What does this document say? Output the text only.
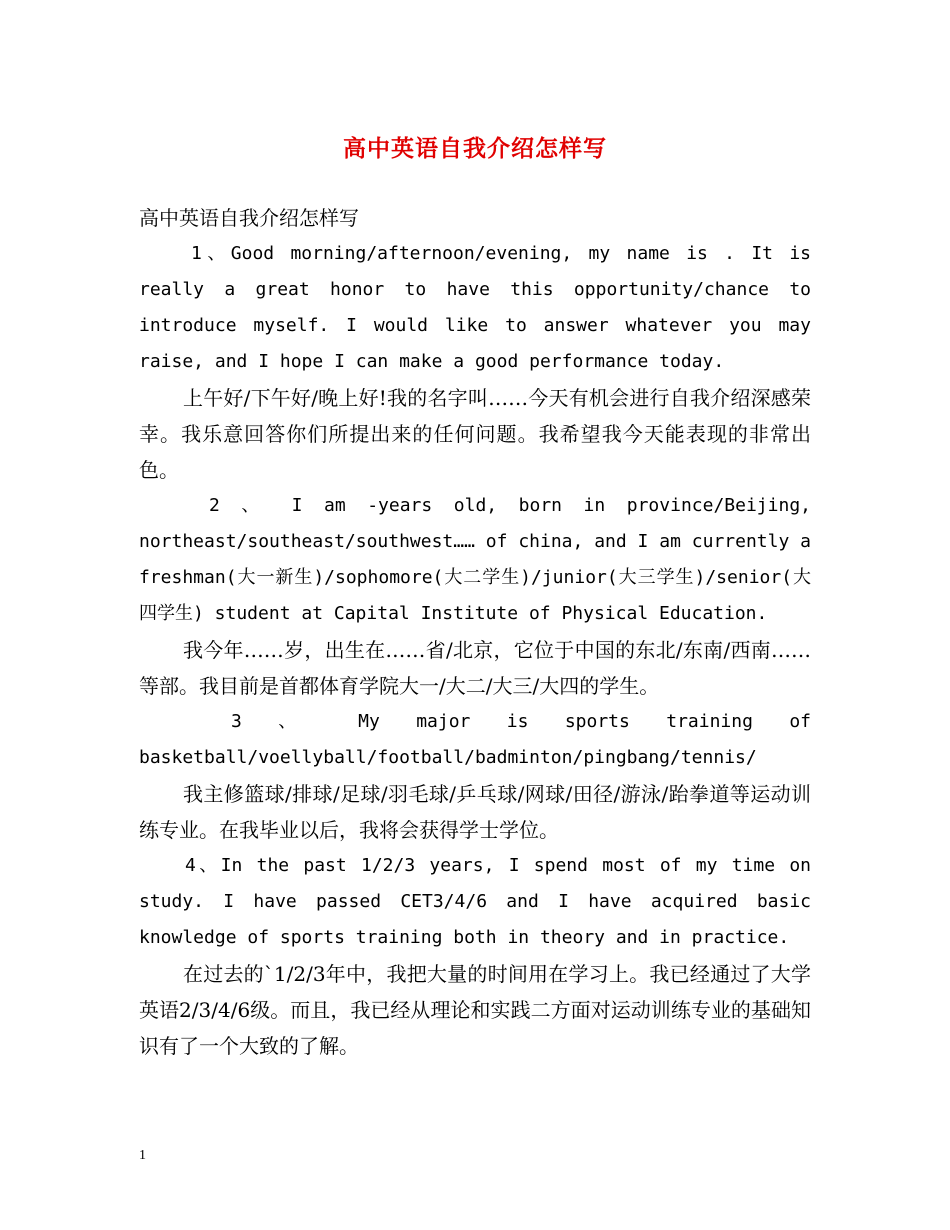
高中英语自我介绍怎样写

高中英语自我介绍怎样写

1、Good morning/afternoon/evening, my name is . It is really a great honor to have this opportunity/chance to introduce myself. I would like to answer whatever you may raise, and I hope I can make a good performance today.

上午好/下午好/晚上好!我的名字叫……今天有机会进行自我介绍深感荣幸。我乐意回答你们所提出来的任何问题。我希望我今天能表现的非常出色。

2 、 I am -years old, born in province/Beijing, northeast/southeast/southwest…… of china, and I am currently a freshman(大一新生)/sophomore(大二学生)/junior(大三学生)/senior(大四学生) student at Capital Institute of Physical Education.

我今年……岁，出生在……省/北京，它位于中国的东北/东南/西南……等部。我目前是首都体育学院大一/大二/大三/大四的学生。

3 、 My major is sports training of basketball/voellyball/football/badminton/pingbang/tennis/

我主修篮球/排球/足球/羽毛球/乒乓球/网球/田径/游泳/跆拳道等运动训练专业。在我毕业以后，我将会获得学士学位。

4、In the past 1/2/3 years, I spend most of my time on study. I have passed CET3/4/6 and I have acquired basic knowledge of sports training both in theory and in practice.

在过去的`1/2/3年中，我把大量的时间用在学习上。我已经通过了大学英语2/3/4/6级。而且，我已经从理论和实践二方面对运动训练专业的基础知识有了一个大致的了解。

1
